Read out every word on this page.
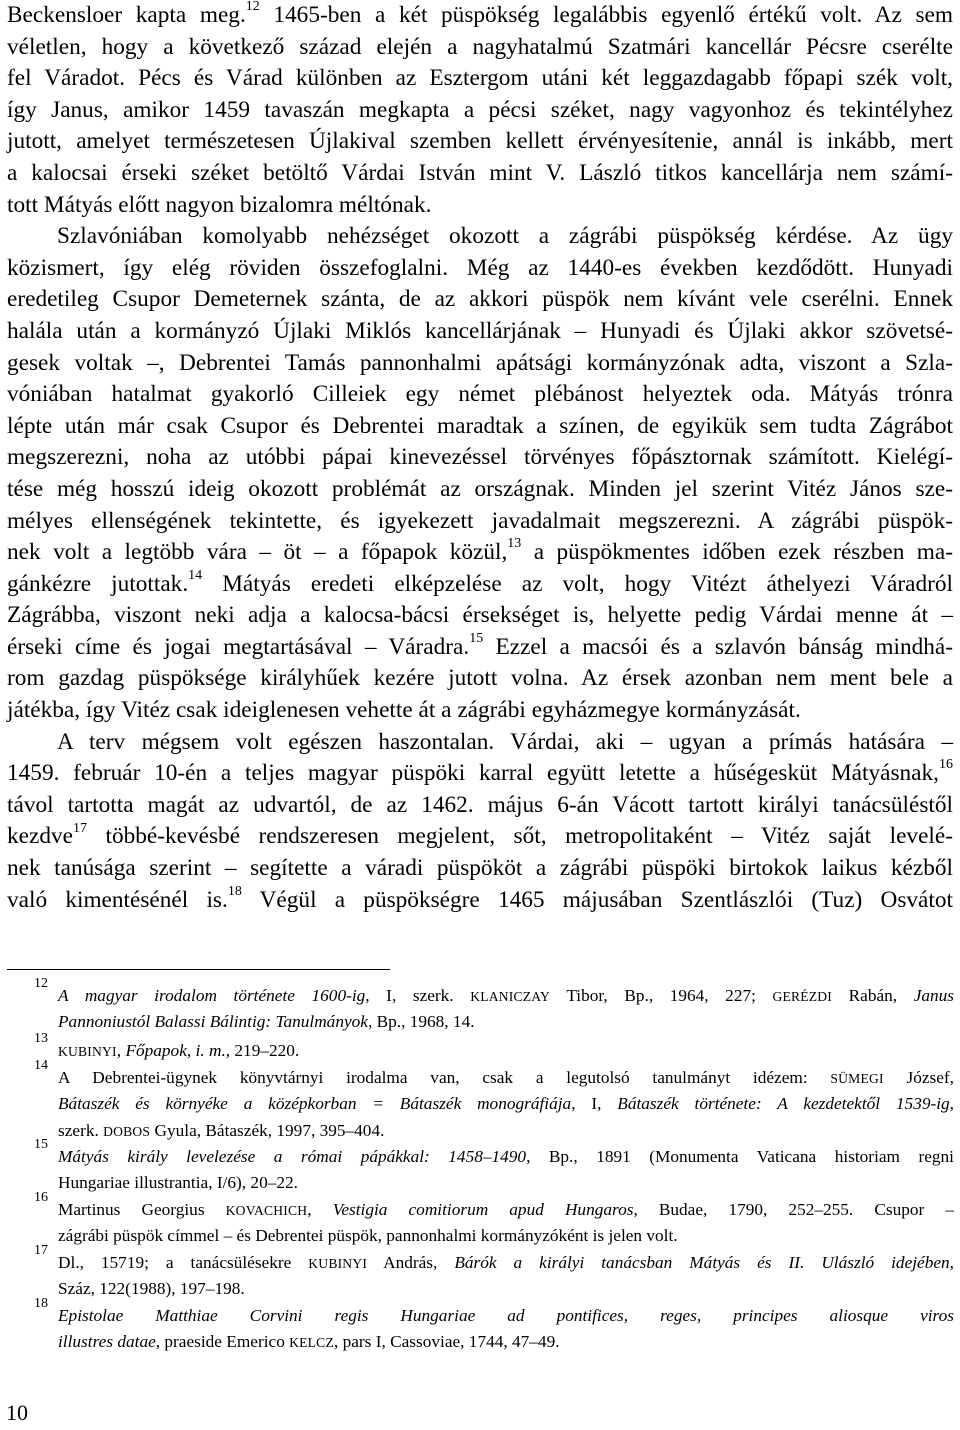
Beckensloer kapta meg.$^{12}$ 1465-ben a két püspökség legalábbis egyenlő értékű volt. Az sem
véletlen, hogy a következő század elején a nagyhatalmú Szatmári kancellár Pécsre cserélte
fel Váradot. Pécs és Várad különben az Esztergom utáni két leggazdagabb főpapi szék volt,
így Janus, amikor 1459 tavaszán megkapta a pécsi széket, nagy vagyonhoz és tekintélyhez
jutott, amelyet természetesen Újlakival szemben kellett érvényesítenie, annál is inkább, mert
a kalocsai érseki széket betöltő Várdai István mint V. László titkos kancellárja nem számí-
tott Mátyás előtt nagyon bizalomra méltónak.
Szlavóniában komolyabb nehézséget okozott a zágrábi püspökség kérdése. Az ügy
közismert, így elég röviden összefoglalni. Még az 1440-es években kezdődött. Hunyadi
eredetileg Csupor Demeternek szánta, de az akkori püspök nem kívánt vele cserélni. Ennek
halála után a kormányzó Újlaki Miklós kancellárjának – Hunyadi és Újlaki akkor szövetsé-
gesek voltak –, Debrentei Tamás pannonhalmi apátsági kormányzónak adta, viszont a Szla-
vóniában hatalmat gyakorló Cilleiek egy német plébánost helyeztek oda. Mátyás trónra
lépte után már csak Csupor és Debrentei maradtak a színen, de egyikük sem tudta Zágrábot
megszerezni, noha az utóbbi pápai kinevezéssel törvényes főpásztornak számított. Kielégí-
tése még hosszú ideig okozott problémát az országnak. Minden jel szerint Vitéz János sze-
mélyes ellenségének tekintette, és igyekezett javadalmait megszerezni. A zágrábi püspök-
nek volt a legtöbb vára – öt – a főpapok közül,$^{13}$ a püspökmentes időben ezek részben ma-
gánkézre jutottak.$^{14}$ Mátyás eredeti elképzelése az volt, hogy Vitézt áthelyezi Váradról
Zágrábba, viszont neki adja a kalocsa-bácsi érsekséget is, helyette pedig Várdai menne át –
érseki címe és jogai megtartásával – Váradra.$^{15}$ Ezzel a macsói és a szlavón bánság mindhá-
rom gazdag püspöksége királyhűek kezére jutott volna. Az érsek azonban nem ment bele a
játékba, így Vitéz csak ideiglenesen vehette át a zágrábi egyházmegye kormányzását.
A terv mégsem volt egészen haszontalan. Várdai, aki – ugyan a prímás hatására –
1459. február 10-én a teljes magyar püspöki karral együtt letette a hűségesküt Mátyásnak,$^{16}$
távol tartotta magát az udvartól, de az 1462. május 6-án Vácott tartott királyi tanácsüléstől
kezdve$^{17}$ többé-kevésbé rendszeresen megjelent, sőt, metropolitaként – Vitéz saját levelé-
nek tanúsága szerint – segítette a váradi püspököt a zágrábi püspöki birtokok laikus kézből
való kimentésénél is.$^{18}$ Végül a püspökségre 1465 májusában Szentlászlói (Tuz) Osvátot
12
A magyar irodalom története 1600-ig, I, szerk. KLANICZAY Tibor, Bp., 1964, 227; GERÉZDI Rabán, Janus
Pannoniustól Balassi Bálintig: Tanulmányok, Bp., 1968, 14.
13
KUBINYI, Főpapok, i. m., 219–220.
14
A Debrentei-ügynek könyvtárnyi irodalma van, csak a legutolsó tanulmányt idézem: SÜMEGI József,
Bátaszék és környéke a középkorban = Bátaszék monográfiája, I, Bátaszék története: A kezdetektől 1539-ig,
szerk. DOBOS Gyula, Bátaszék, 1997, 395–404.
15
Mátyás király levelezése a római pápákkal: 1458–1490, Bp., 1891 (Monumenta Vaticana historiam regni
Hungariae illustrantia, I/6), 20–22.
16
Martinus Georgius KOVACHICH, Vestigia comitiorum apud Hungaros, Budae, 1790, 252–255. Csupor –
zágrábi püspök címmel – és Debrentei püspök, pannonhalmi kormányzóként is jelen volt.
17
Dl., 15719; a tanácsülésekre KUBINYI András, Bárók a királyi tanácsban Mátyás és II. Ulászló idejében,
Száz, 122(1988), 197–198.
18
Epistolae Matthiae Corvini regis Hungariae ad pontifices, reges, principes aliosque viros
illustres datae, praeside Emerico KELCZ, pars I, Cassoviae, 1744, 47–49.
10
